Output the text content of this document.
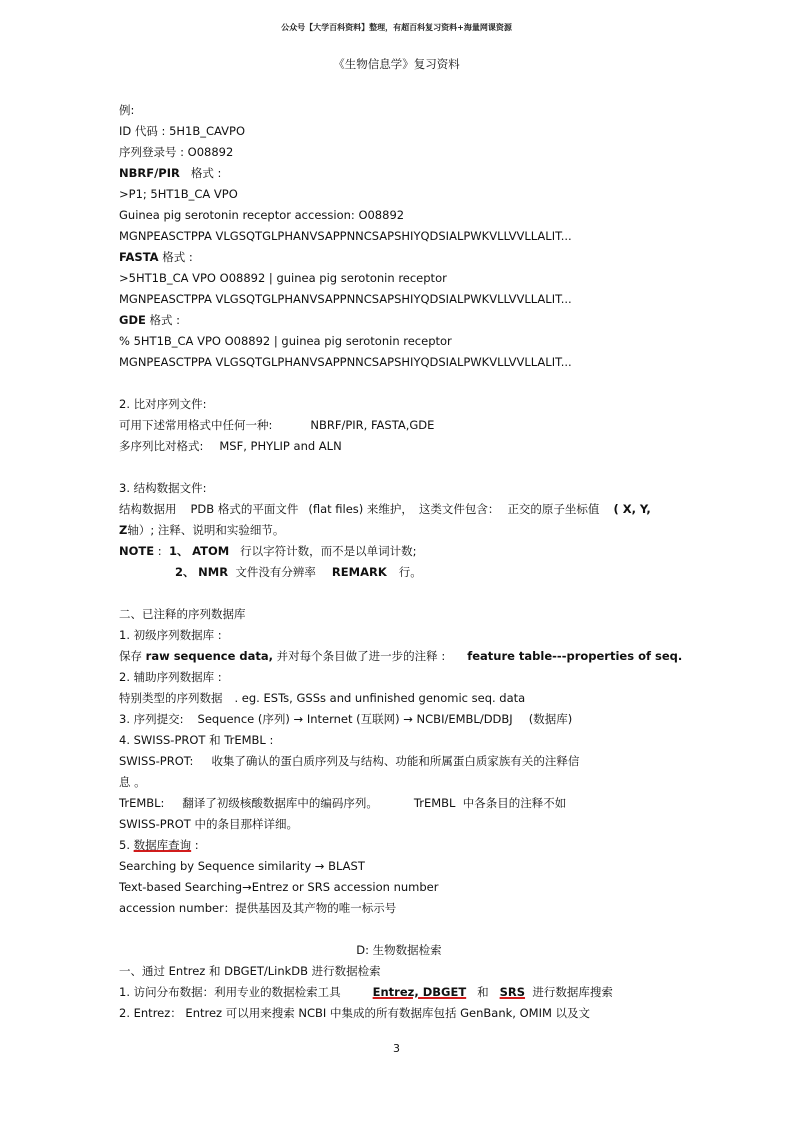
公众号【大学百科资料】整理，有超百科复习资料+海量网课资源
《生物信息学》复习资料
例:
ID 代码 : 5H1B_CAVPO
序列登录号 : O08892
NBRF/PIR 格式 :
>P1; 5HT1B_CA VPO
Guinea pig serotonin receptor accession: O08892
MGNPEASCTPPA VLGSQTGLPHANVSAPPNNCSAPSHIYQDSIALPWKVLLVVLLALIT...
FASTA 格式 :
>5HT1B_CA VPO O08892 | guinea pig serotonin receptor
MGNPEASCTPPA VLGSQTGLPHANVSAPPNNCSAPSHIYQDSIALPWKVLLVVLLALIT...
GDE 格式 :
% 5HT1B_CA VPO O08892 | guinea pig serotonin receptor
MGNPEASCTPPA VLGSQTGLPHANVSAPPNNCSAPSHIYQDSIALPWKVLLVVLLALIT...
2. 比对序列文件:
可用下述常用格式中任何一种:	NBRF/PIR, FASTA,GDE
多序列比对格式: MSF, PHYLIP and ALN
3. 结构数据文件:
结构数据用 PDB 格式的平面文件 (flat files) 来维护， 这类文件包含： 正交的原子坐标值 ( X, Y,
Z轴）; 注释、说明和实验细节。
NOTE : 1、 ATOM 行以字符计数，而不是以单词计数;
2、 NMR 文件没有分辨率 REMARK 行。
二、已注释的序列数据库
1. 初级序列数据库 :
保存 raw sequence data, 并对每个条目做了进一步的注释 : feature table---properties of seq.
2. 辅助序列数据库 :
特别类型的序列数据 . eg. ESTs, GSSs and unfinished genomic seq. data
3. 序列提交: Sequence (序列) → Internet (互联网) → NCBI/EMBL/DDBJ (数据库)
4. SWISS-PROT 和 TrEMBL :
SWISS-PROT: 收集了确认的蛋白质序列及与结构、功能和所属蛋白质家族有关的注释信
息 。
TrEMBL: 翻译了初级核酸数据库中的编码序列。	TrEMBL 中各条目的注释不如
SWISS-PROT 中的条目那样详细。
5. 数据库查询 :
Searching by Sequence similarity → BLAST
Text-based Searching→Entrez or SRS accession number
accession number：提供基因及其产物的唯一标示号
D: 生物数据检索
一、通过 Entrez 和 DBGET/LinkDB 进行数据检索
1. 访问分布数据：利用专业的数据检索工具	Entrez, DBGET 和 SRS 进行数据库搜索
2. Entrez： Entrez 可以用来搜索 NCBI 中集成的所有数据库包括 GenBank, OMIM 以及文
3
